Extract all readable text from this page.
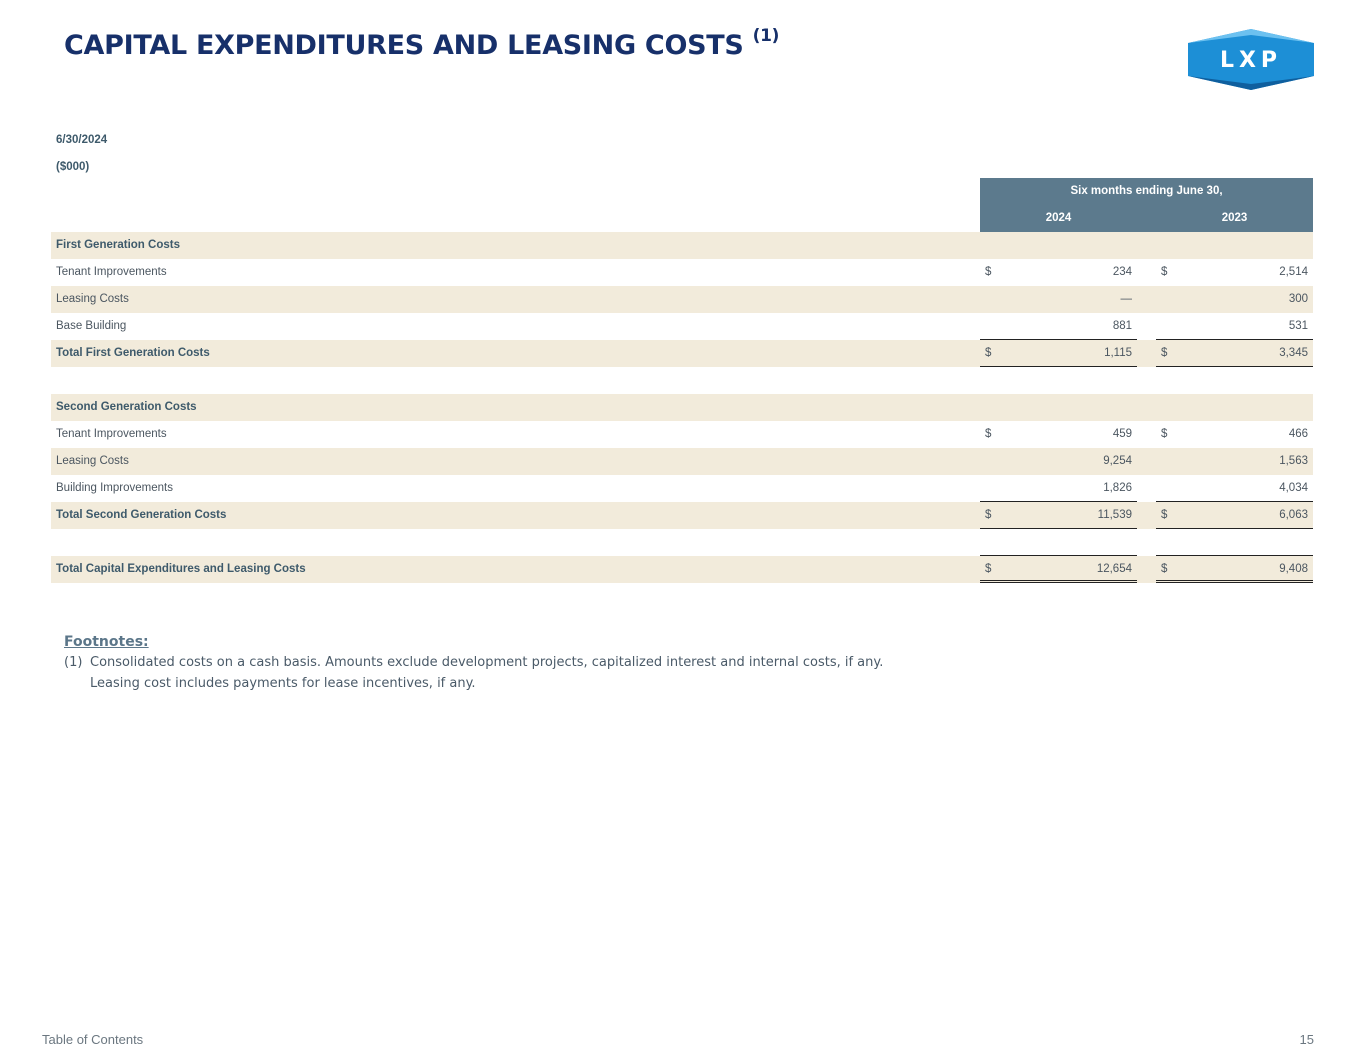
CAPITAL EXPENDITURES AND LEASING COSTS $^{(1)}$
LXP
6/30/2024
($000)
Six months ending June 30,
2024	2023
First Generation Costs
Tenant Improvements	$	234	$	2,514
Leasing Costs	—	300
Base Building	881	531
Total First Generation Costs	$	1,115	$	3,345
Second Generation Costs
Tenant Improvements	$	459	$	466
Leasing Costs	9,254	1,563
Building Improvements	1,826	4,034
Total Second Generation Costs	$	11,539	$	6,063
Total Capital Expenditures and Leasing Costs	$	12,654	$	9,408
Footnotes:
(1) Consolidated costs on a cash basis. Amounts exclude development projects, capitalized interest and internal costs, if any.
Leasing cost includes payments for lease incentives, if any.
Table of Contents	15
